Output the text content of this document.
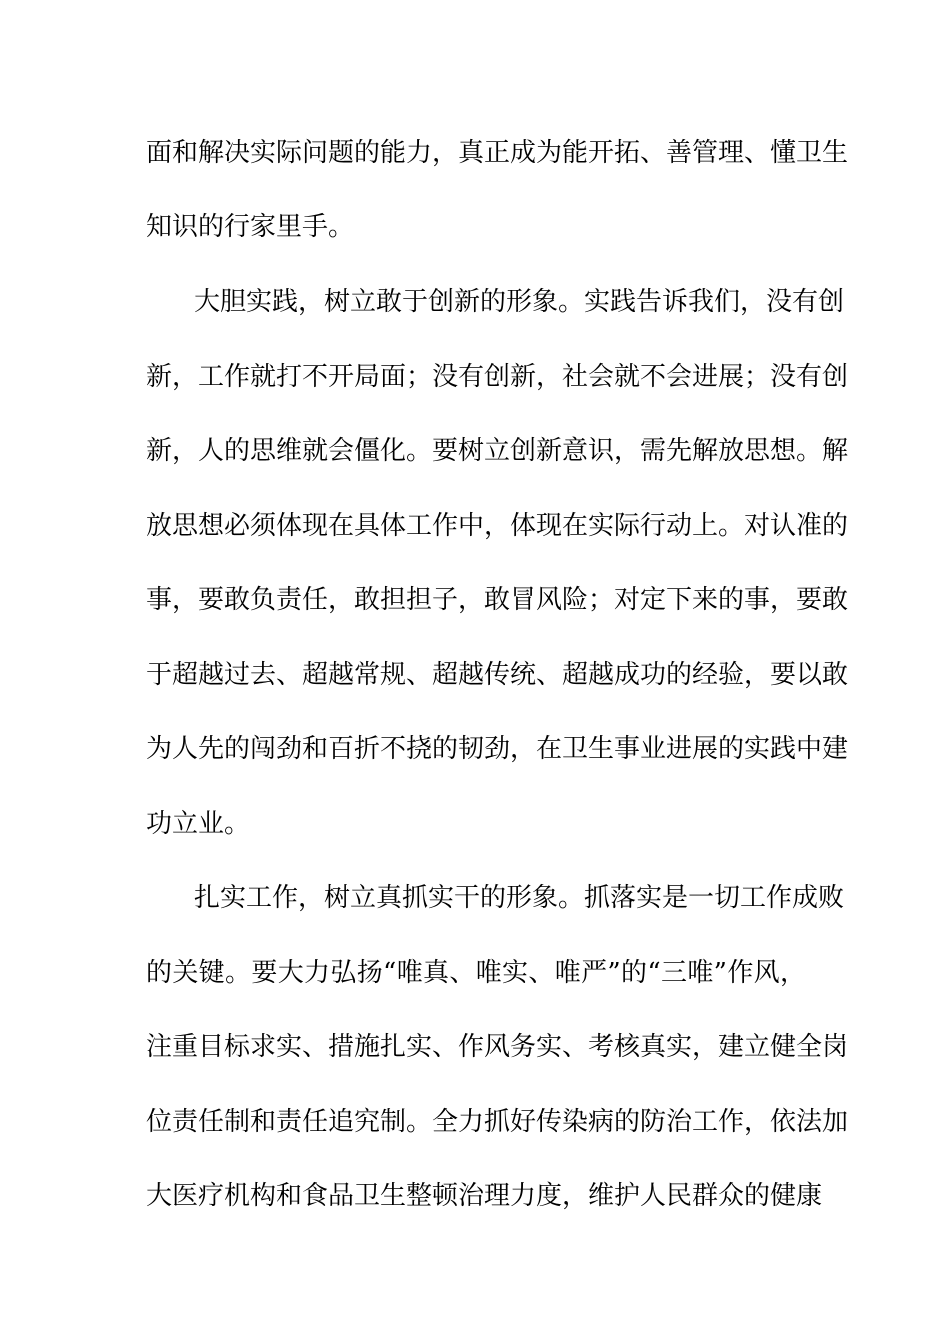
面和解决实际问题的能力，真正成为能开拓、善管理、懂卫生
知识的行家里手。
大胆实践，树立敢于创新的形象。实践告诉我们，没有创
新，工作就打不开局面；没有创新，社会就不会进展；没有创
新，人的思维就会僵化。要树立创新意识，需先解放思想。解
放思想必须体现在具体工作中，体现在实际行动上。对认准的
事，要敢负责任，敢担担子，敢冒风险；对定下来的事，要敢
于超越过去、超越常规、超越传统、超越成功的经验，要以敢
为人先的闯劲和百折不挠的韧劲，在卫生事业进展的实践中建
功立业。
扎实工作，树立真抓实干的形象。抓落实是一切工作成败
的关键。要大力弘扬“唯真、唯实、唯严”的“三唯”作风，
注重目标求实、措施扎实、作风务实、考核真实，建立健全岗
位责任制和责任追究制。全力抓好传染病的防治工作，依法加
大医疗机构和食品卫生整顿治理力度，维护人民群众的健康
